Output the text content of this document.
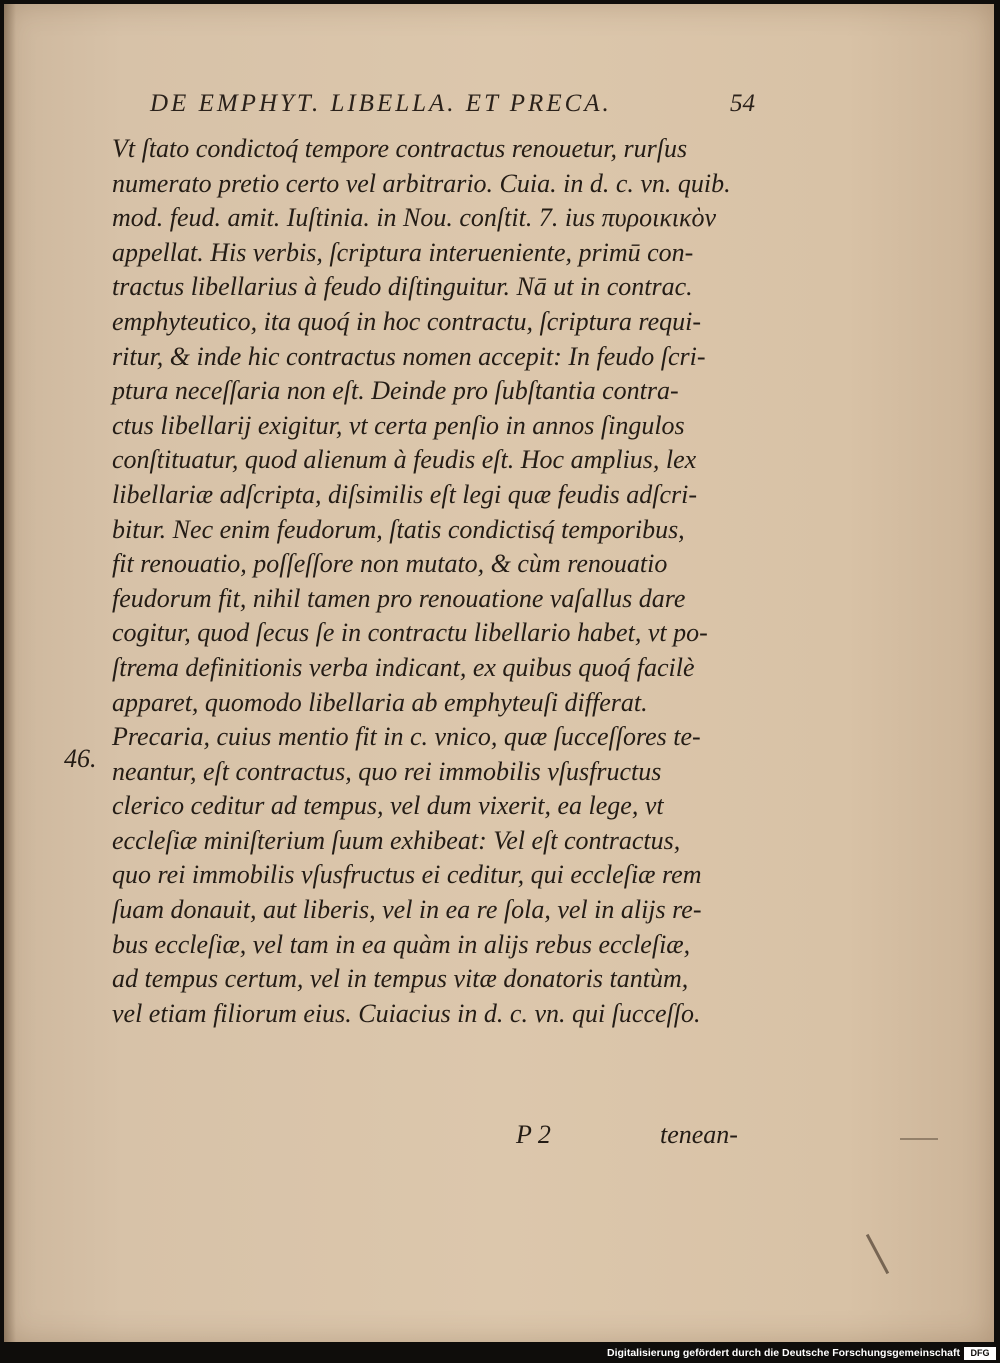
DE EMPHYT. LIBELLA. ET PRECA.	54
Vt ſtato condictoq́ tempore contractus renouetur, rurſus
numerato pretio certo vel arbitrario. Cuia. in d. c. vn. quib.
mod. feud. amit. Iuſtinia. in Nou. conſtit. 7. ius πυροικικὸν
appellat. His verbis, ſcriptura interueniente, primū con-
tractus libellarius à feudo diſtinguitur. Nā ut in contrac.
emphyteutico, ita quoq́ in hoc contractu, ſcriptura requi-
ritur, & inde hic contractus nomen accepit: In feudo ſcri-
ptura neceſſaria non eſt. Deinde pro ſubſtantia contra-
ctus libellarij exigitur, vt certa penſio in annos ſingulos
conſtituatur, quod alienum à feudis eſt. Hoc amplius, lex
libellariæ adſcripta, diſsimilis eſt legi quæ feudis adſcri-
bitur. Nec enim feudorum, ſtatis condictisq́ temporibus,
fit renouatio, poſſeſſore non mutato, & cùm renouatio
feudorum fit, nihil tamen pro renouatione vaſallus dare
cogitur, quod ſecus ſe in contractu libellario habet, vt po-
ſtrema definitionis verba indicant, ex quibus quoq́ facilè
apparet, quomodo libellaria ab emphyteuſi differat.
Precaria, cuius mentio fit in c. vnico, quæ ſucceſſores te-
neantur, eſt contractus, quo rei immobilis vſusfructus
clerico ceditur ad tempus, vel dum vixerit, ea lege, vt
eccleſiæ miniſterium ſuum exhibeat: Vel eſt contractus,
quo rei immobilis vſusfructus ei ceditur, qui eccleſiæ rem
ſuam donauit, aut liberis, vel in ea re ſola, vel in alijs re-
bus eccleſiæ, vel tam in ea quàm in alijs rebus eccleſiæ,
ad tempus certum, vel in tempus vitæ donatoris tantùm,
vel etiam filiorum eius. Cuiacius in d. c. vn. qui ſucceſſo.
46.
P 2	tenean-
Digitalisierung gefördert durch die Deutsche Forschungsgemeinschaft	DFG
